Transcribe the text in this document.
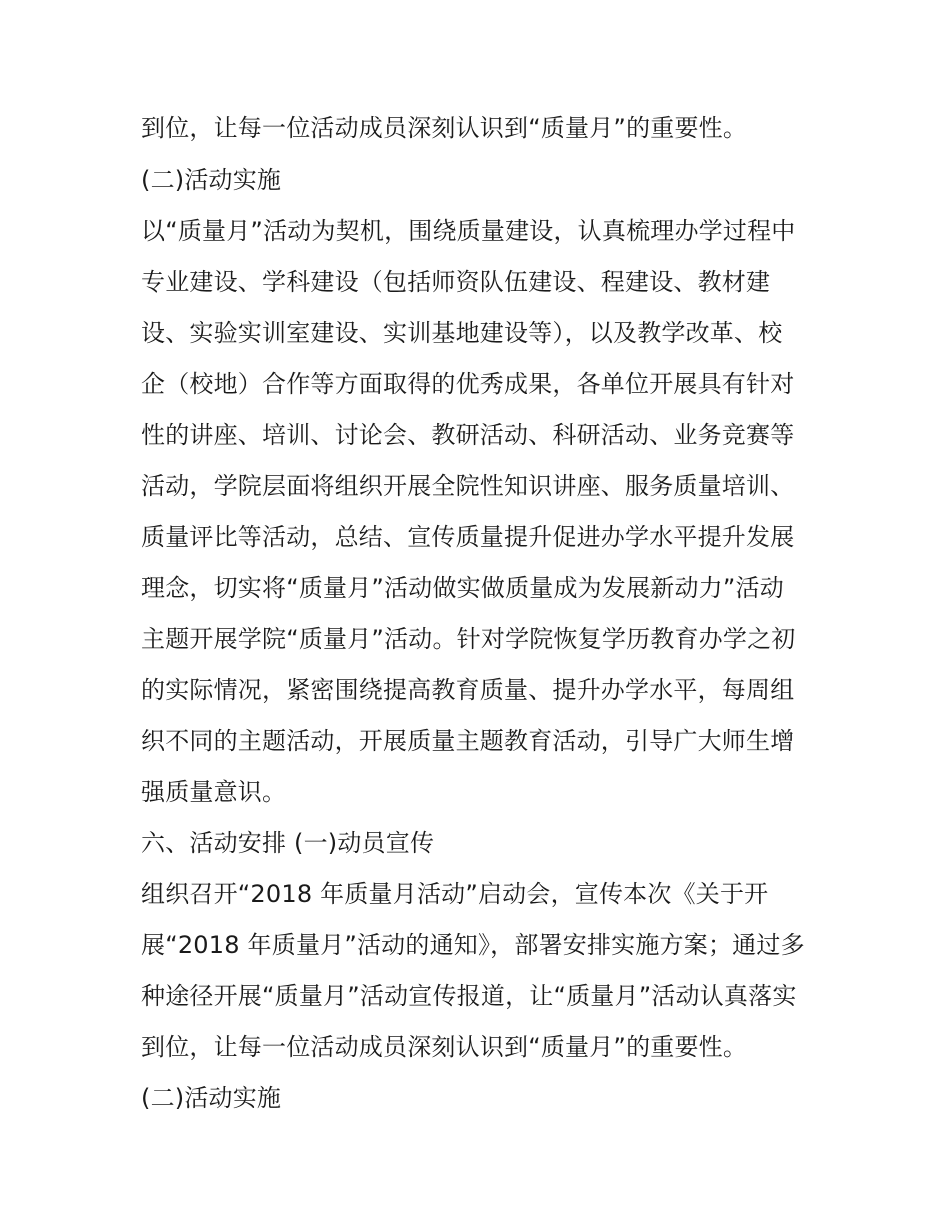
到位，让每一位活动成员深刻认识到“质量月”的重要性。
(二)活动实施
以“质量月”活动为契机，围绕质量建设，认真梳理办学过程中
专业建设、学科建设（包括师资队伍建设、程建设、教材建
设、实验实训室建设、实训基地建设等），以及教学改革、校
企（校地）合作等方面取得的优秀成果，各单位开展具有针对
性的讲座、培训、讨论会、教研活动、科研活动、业务竞赛等
活动，学院层面将组织开展全院性知识讲座、服务质量培训、
质量评比等活动，总结、宣传质量提升促进办学水平提升发展
理念，切实将“质量月”活动做实做质量成为发展新动力”活动
主题开展学院“质量月”活动。针对学院恢复学历教育办学之初
的实际情况，紧密围绕提高教育质量、提升办学水平，每周组
织不同的主题活动，开展质量主题教育活动，引导广大师生增
强质量意识。
六、活动安排 (一)动员宣传
组织召开“2018 年质量月活动”启动会，宣传本次《关于开
展“2018 年质量月”活动的通知》，部署安排实施方案；通过多
种途径开展“质量月”活动宣传报道，让“质量月”活动认真落实
到位，让每一位活动成员深刻认识到“质量月”的重要性。
(二)活动实施
